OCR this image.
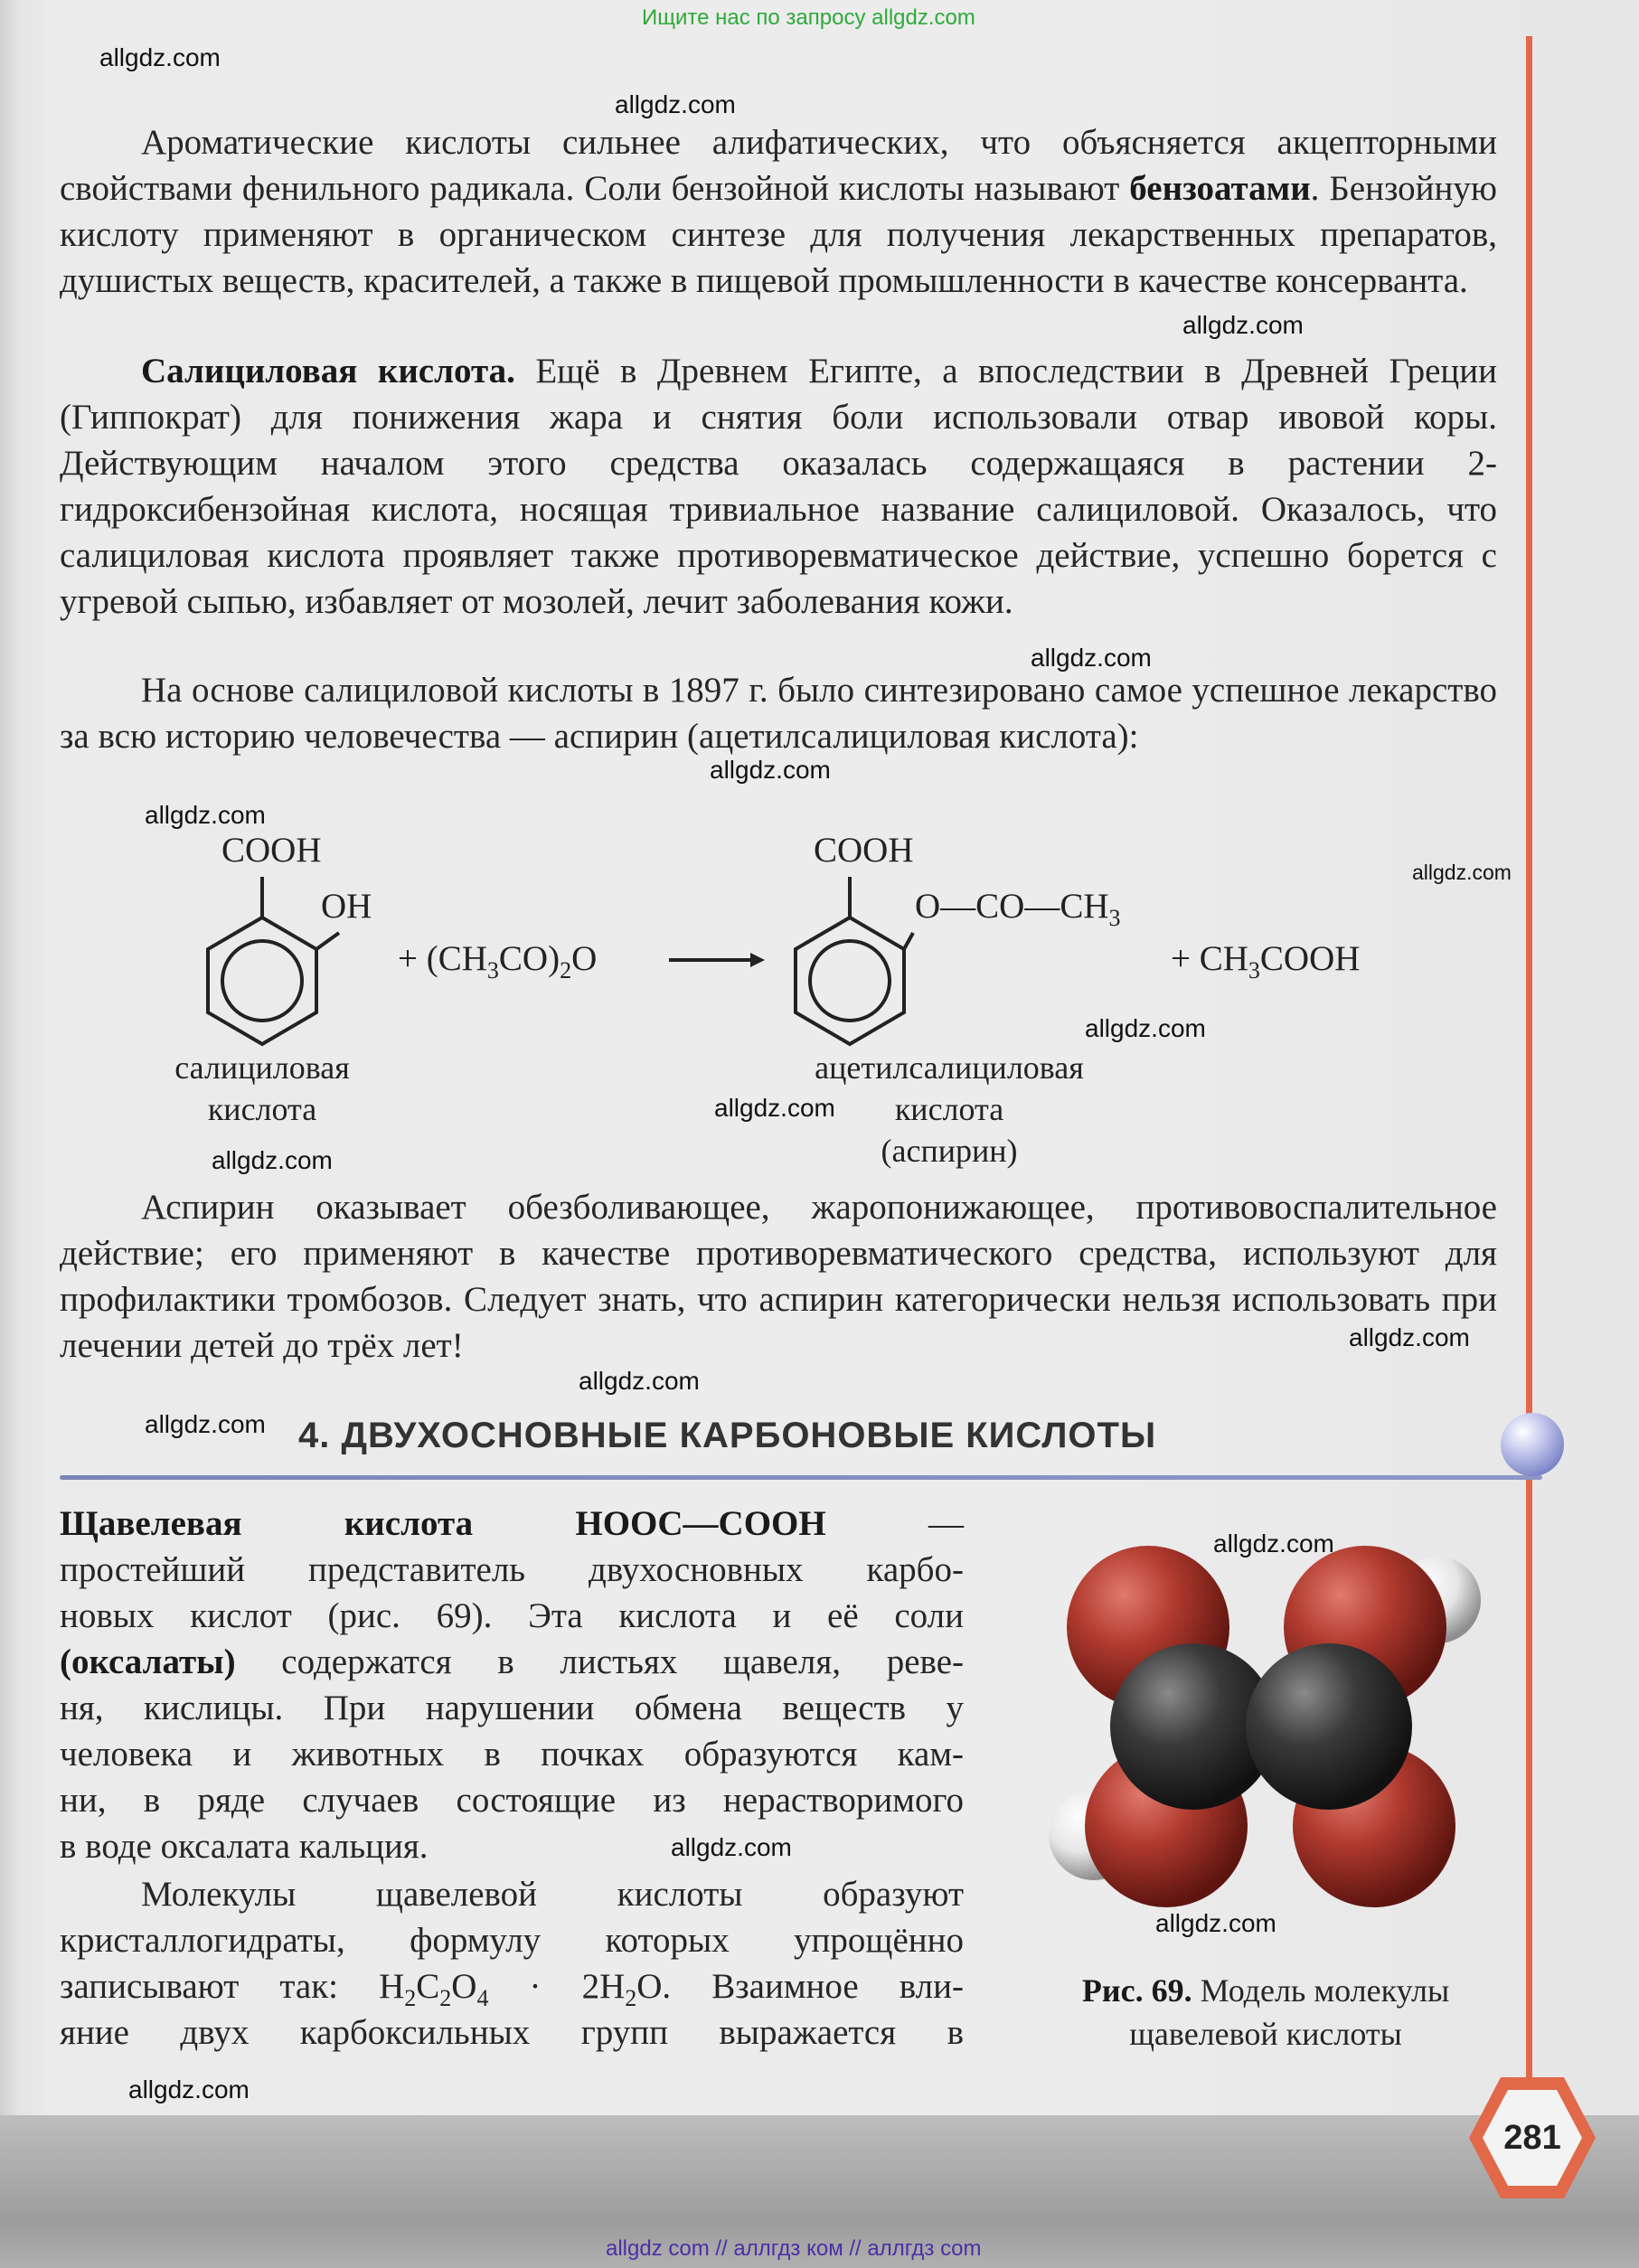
Ищите нас по запросу allgdz.com
Ароматические кислоты сильнее алифатических, что объясняется акцепторными свойствами фенильного радикала. Соли бензойной кислоты называют бензоатами. Бензойную кислоту применяют в органическом синтезе для получения лекарственных препаратов, душистых веществ, красителей, а также в пищевой промышленности в качестве консерванта.
Салициловая кислота. Ещё в Древнем Египте, а впоследствии в Древней Греции (Гиппократ) для понижения жара и снятия боли использовали отвар ивовой коры. Действующим началом этого средства оказалась содержащаяся в растении 2-гидроксибензойная кислота, носящая тривиальное название салициловой. Оказалось, что салициловая кислота проявляет также противоревматическое действие, успешно борется с угревой сыпью, избавляет от мозолей, лечит заболевания кожи.
На основе салициловой кислоты в 1897 г. было синтезировано самое успешное лекарство за всю историю человечества — аспирин (ацетилсалициловая кислота):
COOH
OH
+ $(CH_3CO)_2O$
COOH
$O—CO—CH_3$
+ $CH_3COOH$
салициловая
кислота
ацетилсалициловая
кислота
(аспирин)
Аспирин оказывает обезболивающее, жаропонижающее, противовоспалительное действие; его применяют в качестве противоревматического средства, используют для профилактики тромбозов. Следует знать, что аспирин категорически нельзя использовать при лечении детей до трёх лет!
4. ДВУХОСНОВНЫЕ КАРБОНОВЫЕ КИСЛОТЫ
Щавелевая кислота HOOC—COOH —
простейший представитель двухосновных карбо-
новых кислот (рис. 69). Эта кислота и её соли
(оксалаты) содержатся в листьях щавеля, реве-
ня, кислицы. При нарушении обмена веществ у
человека и животных в почках образуются кам-
ни, в ряде случаев состоящие из нерастворимого
в воде оксалата кальция.
Молекулы щавелевой кислоты образуют
кристаллогидраты, формулу которых упрощённо
записывают так: $H_2C_2O_4 \cdot 2H_2O$. Взаимное вли-
яние двух карбоксильных групп выражается в
Рис. 69. Модель молекулы
щавелевой кислоты
281
allgdz.com
allgdz.com
allgdz.com
allgdz.com
allgdz.com
allgdz.com
allgdz.com
allgdz.com
allgdz.com
allgdz.com
allgdz.com
allgdz.com
allgdz.com
allgdz.com
allgdz.com
allgdz.com
allgdz.com
allgdz com // аллгдз ком // аллгдз com
